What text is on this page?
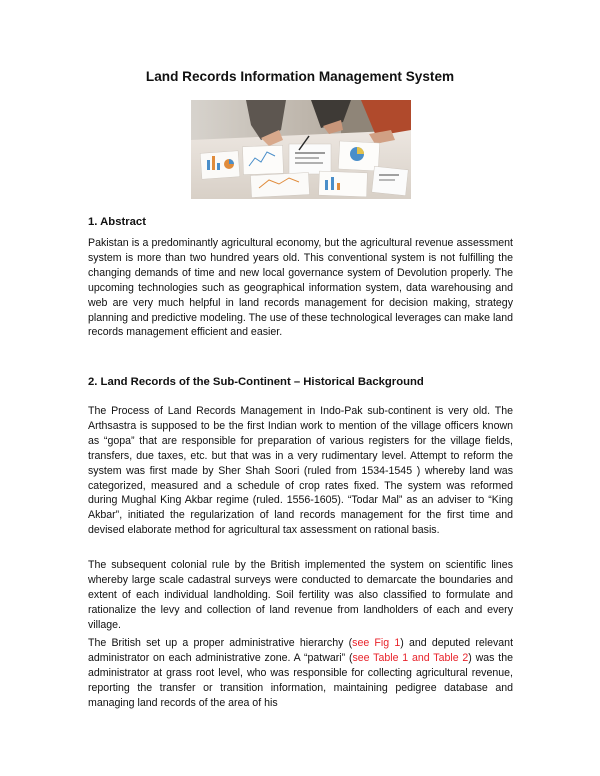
Land Records Information Management System
1. Abstract

Pakistan is a predominantly agricultural economy, but the agricultural revenue assessment system is more than two hundred years old. This conventional system is not fulfilling the changing demands of time and new local governance system of Devolution properly. The upcoming technologies such as geographical information system, data warehousing and web are very much helpful in land records management for decision making, strategy planning and predictive modeling. The use of these technological leverages can make land records management efficient and easier.

2. Land Records of the Sub-Continent – Historical Background

The Process of Land Records Management in Indo-Pak sub-continent is very old. The Arthsastra is supposed to be the first Indian work to mention of the village officers known as “gopa” that are responsible for preparation of various registers for the village fields, transfers, due taxes, etc. but that was in a very rudimentary level. Attempt to reform the system was first made by Sher Shah Soori (ruled from 1534-1545 ) whereby land was categorized, measured and a schedule of crop rates fixed. The system was reformed during Mughal King Akbar regime (ruled. 1556-1605). “Todar Mal” as an adviser to “King Akbar”, initiated the regularization of land records management for the first time and devised elaborate method for agricultural tax assessment on rational basis.

The subsequent colonial rule by the British implemented the system on scientific lines whereby large scale cadastral surveys were conducted to demarcate the boundaries and extent of each individual landholding. Soil fertility was also classified to formulate and rationalize the levy and collection of land revenue from landholders of each and every village.

The British set up a proper administrative hierarchy (see Fig 1) and deputed relevant administrator on each administrative zone. A “patwari” (see Table 1 and Table 2) was the administrator at grass root level, who was responsible for collecting agricultural revenue, reporting the transfer or transition information, maintaining pedigree database and managing land records of the area of his
